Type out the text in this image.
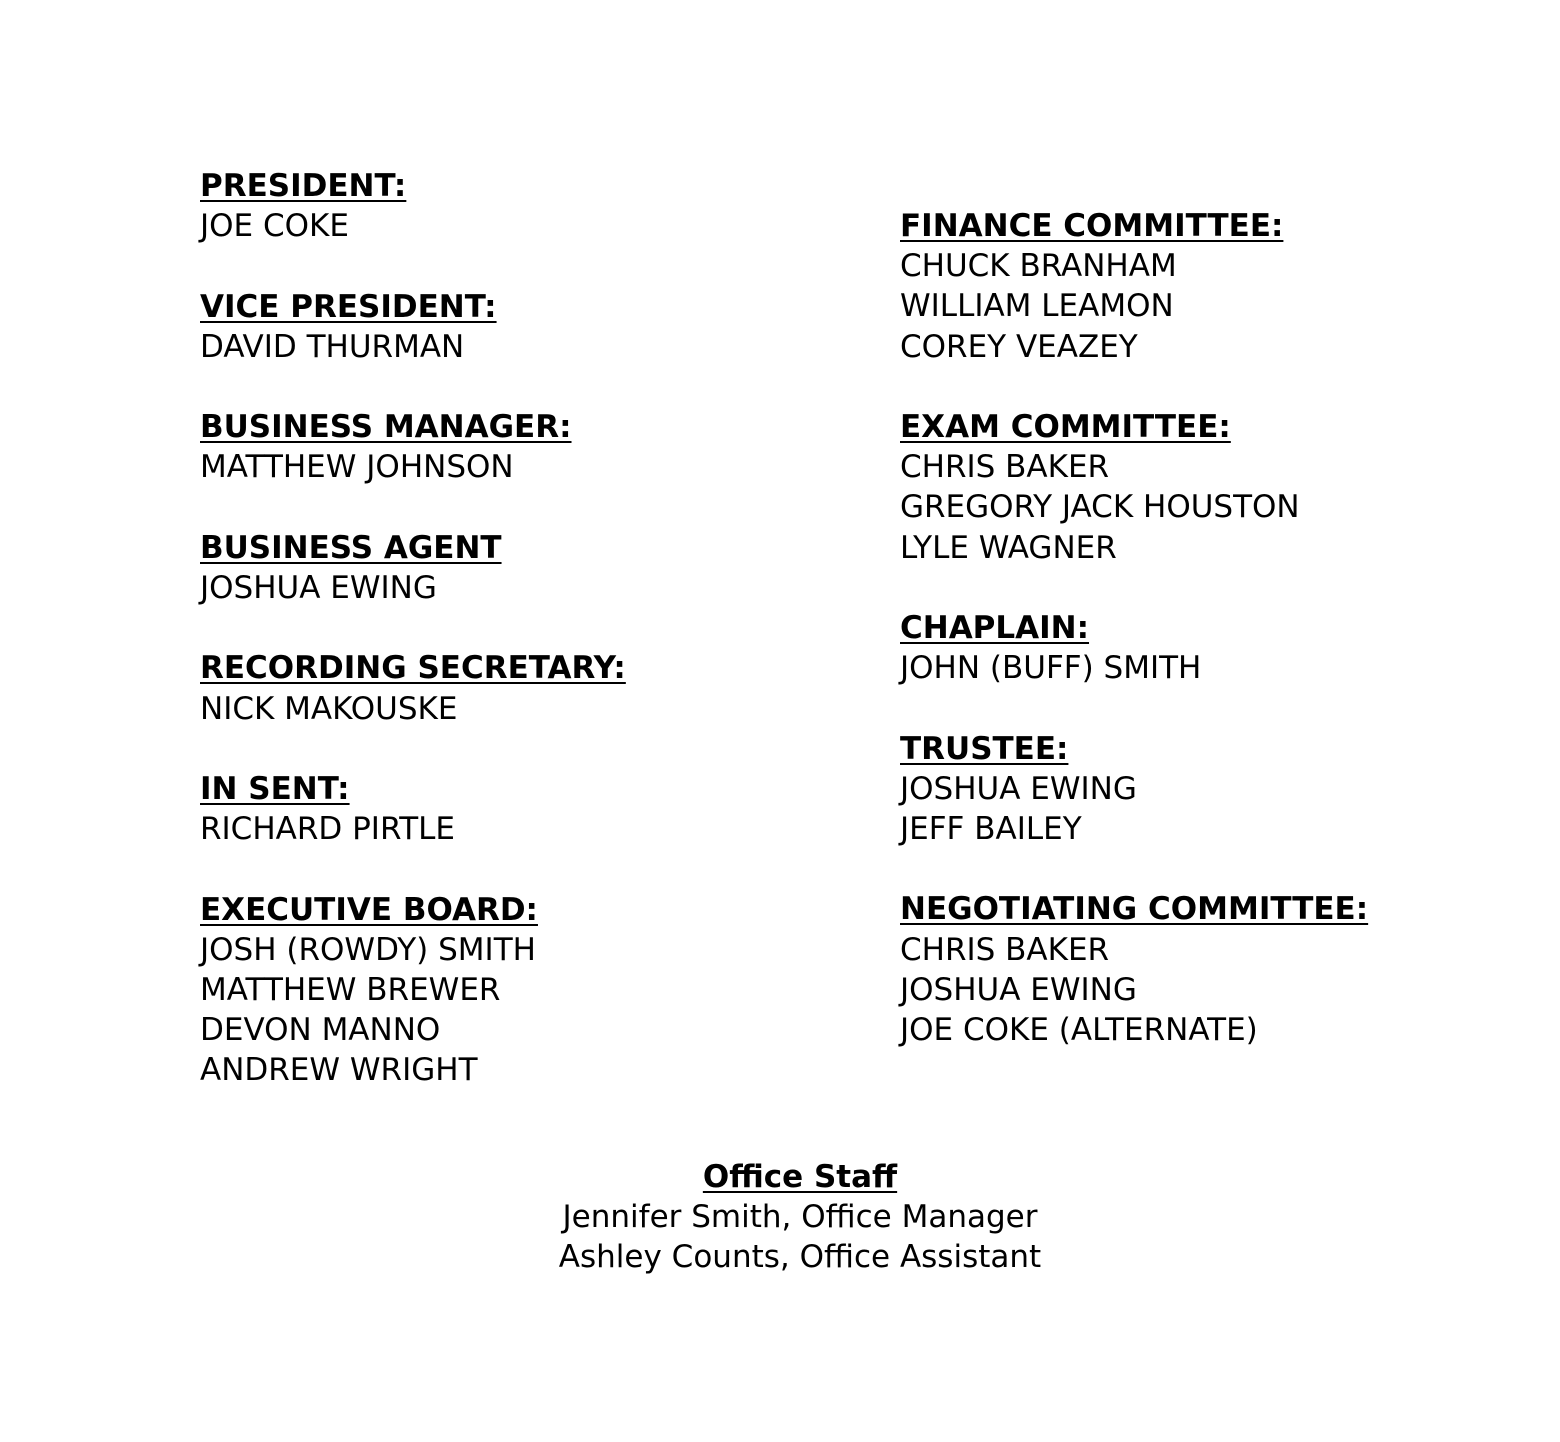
PRESIDENT:
JOE COKE
VICE PRESIDENT:
DAVID THURMAN
BUSINESS MANAGER:
MATTHEW JOHNSON
BUSINESS AGENT
JOSHUA EWING
RECORDING SECRETARY:
NICK MAKOUSKE
IN SENT:
RICHARD PIRTLE
EXECUTIVE BOARD:
JOSH (ROWDY) SMITH
MATTHEW BREWER
DEVON MANNO
ANDREW WRIGHT
FINANCE COMMITTEE:
CHUCK BRANHAM
WILLIAM LEAMON
COREY VEAZEY
EXAM COMMITTEE:
CHRIS BAKER
GREGORY JACK HOUSTON
LYLE WAGNER
CHAPLAIN:
JOHN (BUFF) SMITH
TRUSTEE:
JOSHUA EWING
JEFF BAILEY
NEGOTIATING COMMITTEE:
CHRIS BAKER
JOSHUA EWING
JOE COKE (ALTERNATE)
Office Staff
Jennifer Smith, Office Manager
Ashley Counts, Office Assistant
